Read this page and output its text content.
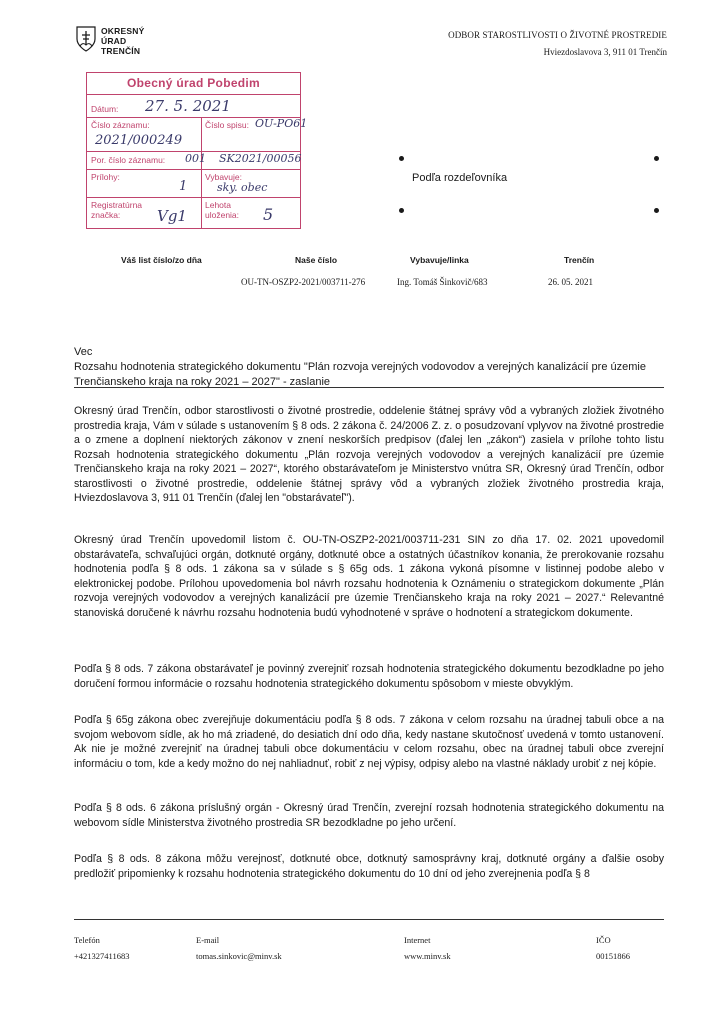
OKRESNÝ
ÚRAD
TRENČÍN
ODBOR STAROSTLIVOSTI O ŽIVOTNÉ PROSTREDIE
Hviezdoslavova 3, 911 01 Trenčín
Obecný úrad Pobedim
Dátum: 27. 5. 2021
Číslo záznamu:
2021/000249
Číslo spisu: OU-PO61
Por. číslo záznamu: 001 SK2021/00056
Prílohy:
1
Vybavuje:
sky. obec
Registratúrna
značka: Vg1
Lehota
uloženia: 5
Podľa rozdeľovníka
Váš list číslo/zo dňa	Naše číslo
OU-TN-OSZP2-2021/003711-276
Vybavuje/linka
Ing. Tomáš Šinkovič/683
Trenčín
26. 05. 2021
Vec
Rozsahu hodnotenia strategického dokumentu "Plán rozvoja verejných vodovodov a verejných kanalizácií pre územie Trenčianskeho kraja na roky 2021 – 2027" - zaslanie
Okresný úrad Trenčín, odbor starostlivosti o životné prostredie, oddelenie štátnej správy vôd a vybraných zložiek životného prostredia kraja, Vám v súlade s ustanovením § 8 ods. 2 zákona č. 24/2006 Z. z. o posudzovaní vplyvov na životné prostredie a o zmene a doplnení niektorých zákonov v znení neskorších predpisov (ďalej len „zákon“) zasiela v prílohe tohto listu Rozsah hodnotenia strategického dokumentu „Plán rozvoja verejných vodovodov a verejných kanalizácií pre územie Trenčianskeho kraja na roky 2021 – 2027“, ktorého obstarávateľom je Ministerstvo vnútra SR, Okresný úrad Trenčín, odbor starostlivosti o životné prostredie, oddelenie štátnej správy vôd a vybraných zložiek životného prostredia kraja, Hviezdoslavova 3, 911 01 Trenčín (ďalej len "obstarávateľ").
Okresný úrad Trenčín upovedomil listom č. OU-TN-OSZP2-2021/003711-231 SIN zo dňa 17. 02. 2021 upovedomil obstarávateľa, schvaľujúci orgán, dotknuté orgány, dotknuté obce a ostatných účastníkov konania, že prerokovanie rozsahu hodnotenia podľa § 8 ods. 1 zákona sa v súlade s § 65g ods. 1 zákona vykoná písomne v listinnej podobe alebo v elektronickej podobe. Prílohou upovedomenia bol návrh rozsahu hodnotenia k Oznámeniu o strategickom dokumente „Plán rozvoja verejných vodovodov a verejných kanalizácií pre územie Trenčianskeho kraja na roky 2021 – 2027.“ Relevantné stanoviská doručené k návrhu rozsahu hodnotenia budú vyhodnotené v správe o hodnotení a strategickom dokumente.
Podľa § 8 ods. 7 zákona obstarávateľ je povinný zverejniť rozsah hodnotenia strategického dokumentu bezodkladne po jeho doručení formou informácie o rozsahu hodnotenia strategického dokumentu spôsobom v mieste obvyklým.
Podľa § 65g zákona obec zverejňuje dokumentáciu podľa § 8 ods. 7 zákona v celom rozsahu na úradnej tabuli obce a na svojom webovom sídle, ak ho má zriadené, do desiatich dní odo dňa, kedy nastane skutočnosť uvedená v tomto ustanovení. Ak nie je možné zverejniť na úradnej tabuli obce dokumentáciu v celom rozsahu, obec na úradnej tabuli obce zverejní informáciu o tom, kde a kedy možno do nej nahliadnuť, robiť z nej výpisy, odpisy alebo na vlastné náklady urobiť z nej kópie.
Podľa § 8 ods. 6 zákona príslušný orgán - Okresný úrad Trenčín, zverejní rozsah hodnotenia strategického dokumentu na webovom sídle Ministerstva životného prostredia SR bezodkladne po jeho určení.
Podľa § 8 ods. 8 zákona môžu verejnosť, dotknuté obce, dotknutý samosprávny kraj, dotknuté orgány a ďalšie osoby predložiť pripomienky k rozsahu hodnotenia strategického dokumentu do 10 dní od jeho zverejnenia podľa § 8
Telefón
+421327411683
E-mail
tomas.sinkovic@minv.sk
Internet
www.minv.sk
IČO
00151866
